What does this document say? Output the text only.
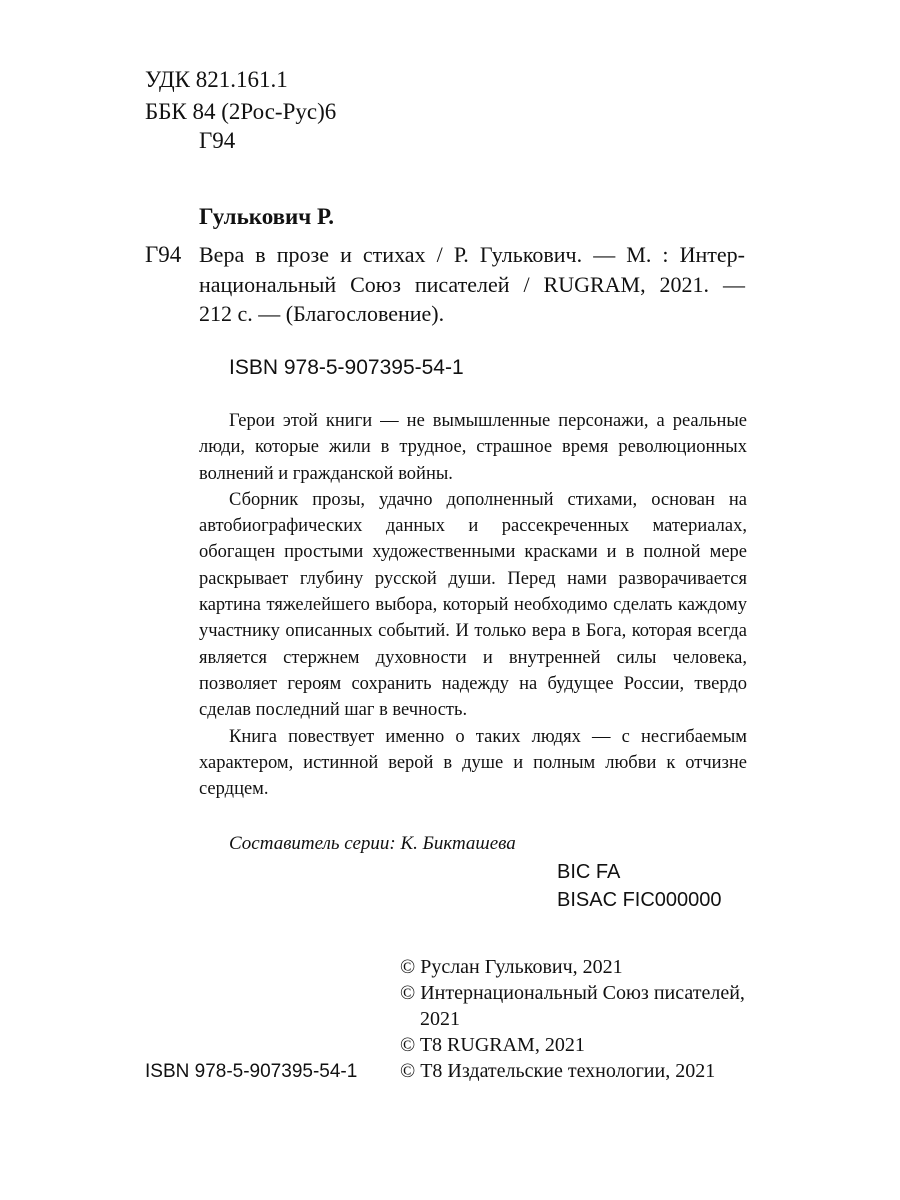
УДК 821.161.1
ББК 84 (2Рос-Рус)6
Г94
Гулькович Р.
Г94 Вера в прозе и стихах / Р. Гулькович. — М. : Интер-
национальный Союз писателей / RUGRAM, 2021. —
212 с. — (Благословение).
ISBN 978-5-907395-54-1

Герои этой книги — не вымышленные персонажи, а реальные люди, которые жили в трудное, страшное время революционных волнений и гражданской войны.

Сборник прозы, удачно дополненный стихами, основан на автобиографических данных и рассекреченных материалах, обогащен простыми художественными красками и в полной мере раскрывает глубину русской души. Перед нами разворачивается картина тяжелейшего выбора, который необходимо сделать каждому участнику описанных событий. И только вера в Бога, которая всегда является стержнем духовности и внутренней силы человека, позволяет героям сохранить надежду на будущее России, твердо сделав последний шаг в вечность.

Книга повествует именно о таких людях — с несгибаемым характером, истинной верой в душе и полным любви к отчизне сердцем.

Составитель серии: К. Бикташева
BIC FA
BISAC FIC000000
© Руслан Гулькович, 2021
© Интернациональный Союз писателей,
2021
© T8 RUGRAM, 2021
© Т8 Издательские технологии, 2021
ISBN 978-5-907395-54-1
